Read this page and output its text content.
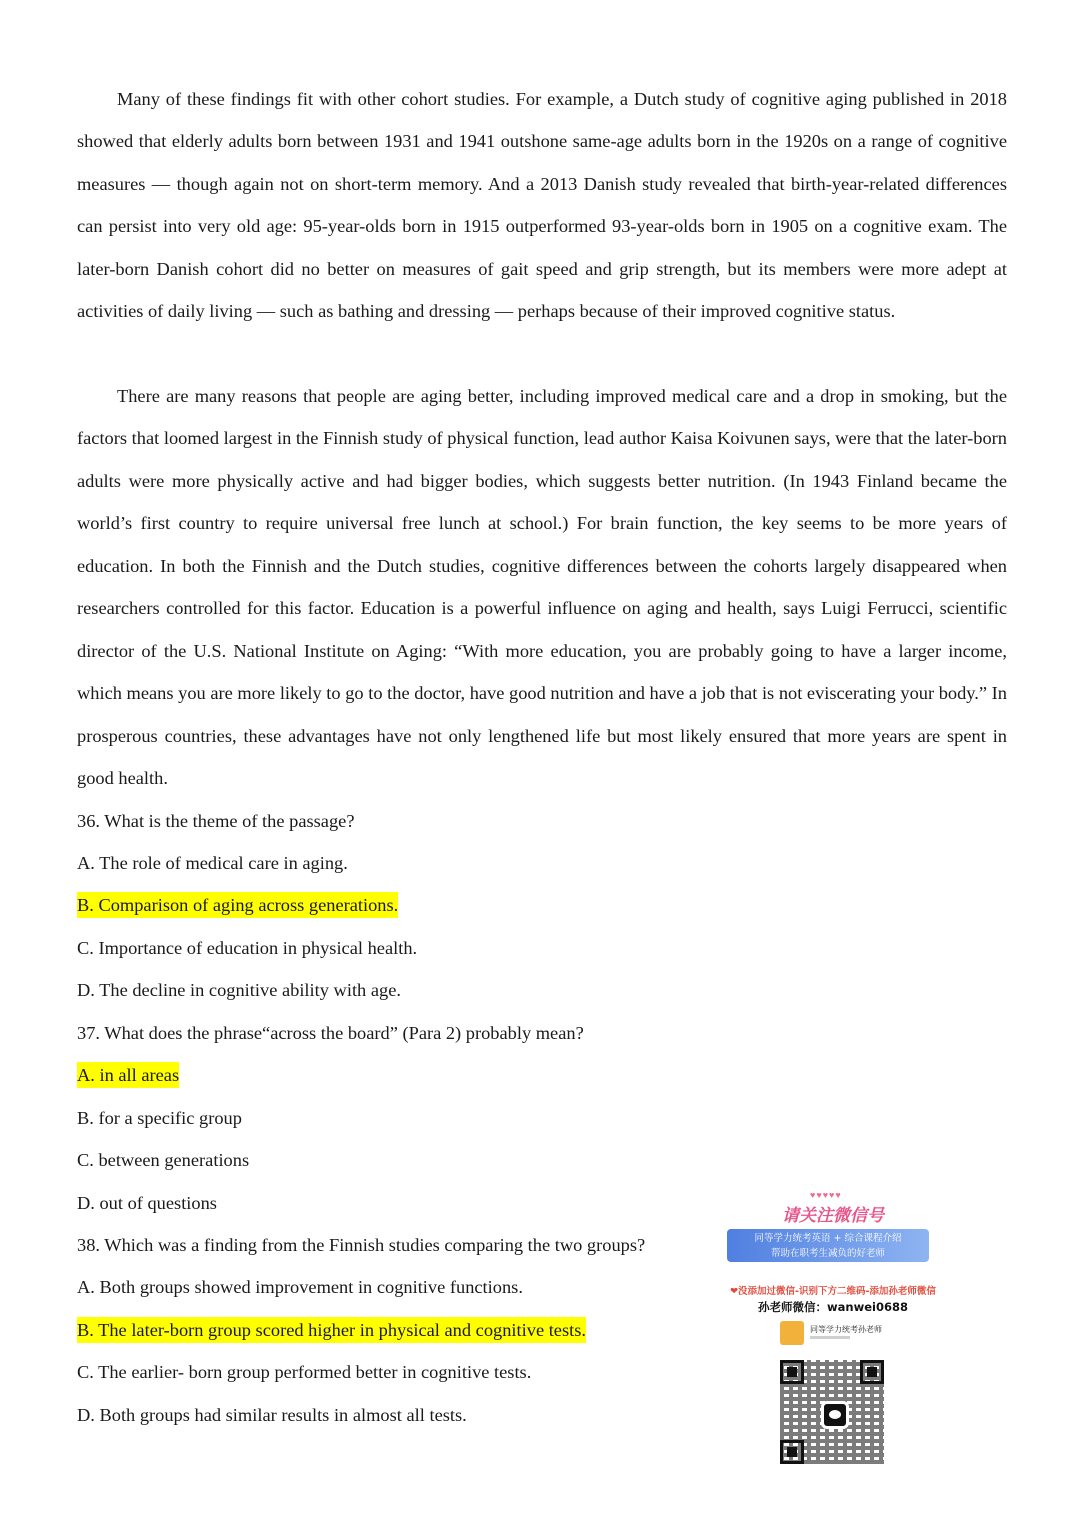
Many of these findings fit with other cohort studies. For example, a Dutch study of cognitive aging published in 2018 showed that elderly adults born between 1931 and 1941 outshone same-age adults born in the 1920s on a range of cognitive measures — though again not on short-term memory. And a 2013 Danish study revealed that birth-year-related differences can persist into very old age: 95-year-olds born in 1915 outperformed 93-year-olds born in 1905 on a cognitive exam. The later-born Danish cohort did no better on measures of gait speed and grip strength, but its members were more adept at activities of daily living — such as bathing and dressing — perhaps because of their improved cognitive status.

There are many reasons that people are aging better, including improved medical care and a drop in smoking, but the factors that loomed largest in the Finnish study of physical function, lead author Kaisa Koivunen says, were that the later-born adults were more physically active and had bigger bodies, which suggests better nutrition. (In 1943 Finland became the world’s first country to require universal free lunch at school.) For brain function, the key seems to be more years of education. In both the Finnish and the Dutch studies, cognitive differences between the cohorts largely disappeared when researchers controlled for this factor. Education is a powerful influence on aging and health, says Luigi Ferrucci, scientific director of the U.S. National Institute on Aging: “With more education, you are probably going to have a larger income, which means you are more likely to go to the doctor, have good nutrition and have a job that is not eviscerating your body.” In prosperous countries, these advantages have not only lengthened life but most likely ensured that more years are spent in good health.

36. What is the theme of the passage?
A. The role of medical care in aging.
B. Comparison of aging across generations.
C. Importance of education in physical health.
D. The decline in cognitive ability with age.
37. What does the phrase“across the board” (Para 2) probably mean?
A. in all areas
B. for a specific group
C. between generations
D. out of questions
38. Which was a finding from the Finnish studies comparing the two groups?
A. Both groups showed improvement in cognitive functions.
B. The later-born group scored higher in physical and cognitive tests.
C. The earlier- born group performed better in cognitive tests.
D. Both groups had similar results in almost all tests.
♥♥♥♥♥
请关注微信号
同等学力统考英语 + 综合课程介绍
帮助在职考生减负的好老师
❤没添加过微信-识别下方二维码-添加孙老师微信
孙老师微信：wanwei0688
同等学力统考孙老师
